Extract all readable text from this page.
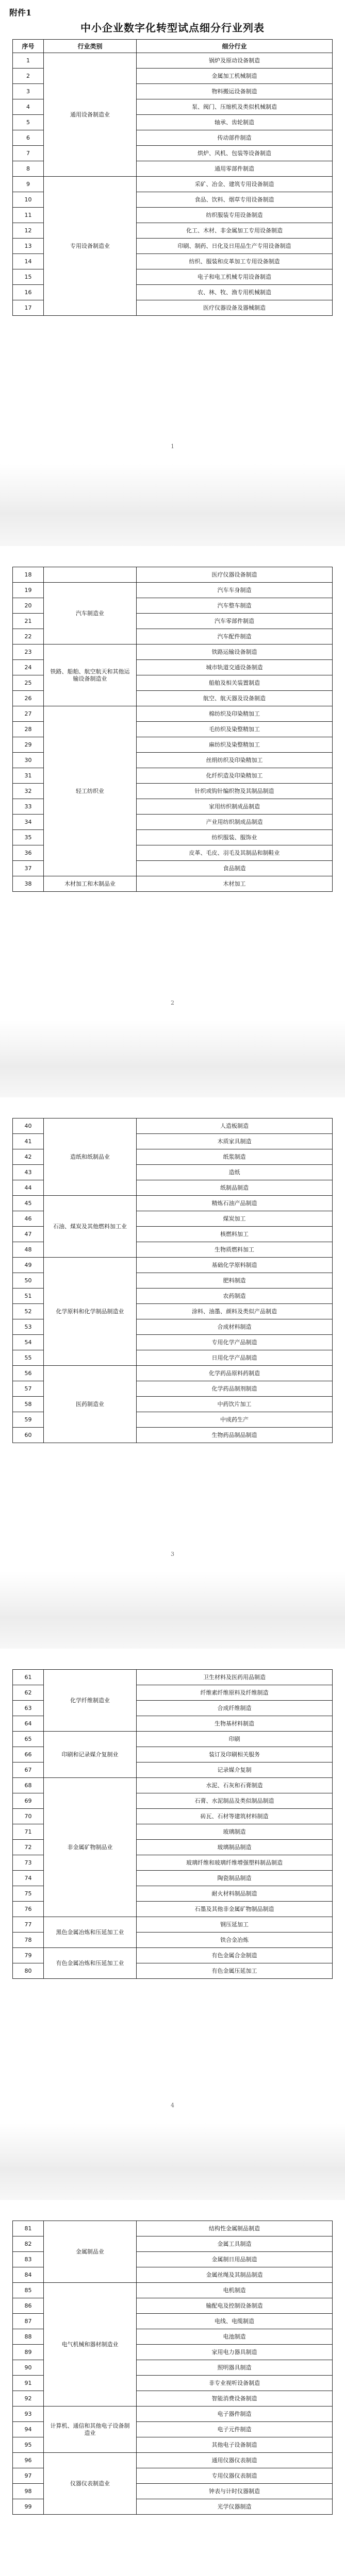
附件1
中小企业数字化转型试点细分行业列表
序号	行业类别	细分行业
1	通用设备制造业	锅炉及原动设备制造
2		金属加工机械制造
3		物料搬运设备制造
4		泵、阀门、压缩机及类似机械制造
5		轴承、齿轮制造
6		传动部件制造
7		烘炉、风机、包装等设备制造
8		通用零部件制造
9	专用设备制造业	采矿、冶金、建筑专用设备制造
10		食品、饮料、烟草专用设备制造
11		纺织服装专用设备制造
12		化工、木材、非金属加工专用设备制造
13		印刷、制药、日化及日用品生产专用设备制造
14		纺织、服装和皮革加工专用设备制造
15		电子和电工机械专用设备制造
16		农、林、牧、渔专用机械制造
17		医疗仪器设备及器械制造
1
18		医疗仪器设备制造
19	汽车制造业	汽车车身制造
20		汽车整车制造
21		汽车零部件制造
22		汽车配件制造
23	铁路、船舶、航空航天和其他运输设备制造业	铁路运输设备制造
24		城市轨道交通设备制造
25		船舶及相关装置制造
26		航空、航天器及设备制造
27	轻工纺织业	棉纺织及印染精加工
28		毛纺织及染整精加工
29		麻纺织及染整精加工
30		丝绢纺织及印染精加工
31		化纤织造及印染精加工
32		针织或钩针编织物及其制品制造
33		家用纺织制成品制造
34		产业用纺织制成品制造
35		纺织服装、服饰业
36		皮革、毛皮、羽毛及其制品和制鞋业
37		食品制造
38	木材加工和木制品业	木材加工
2
40	造纸和纸制品业	人造板制造
41		木质家具制造
42		纸浆制造
43		造纸
44		纸制品制造
45	石油、煤炭及其他燃料加工业	精炼石油产品制造
46		煤炭加工
47		核燃料加工
48		生物质燃料加工
49	化学原料和化学制品制造业	基础化学原料制造
50		肥料制造
51		农药制造
52		涂料、油墨、颜料及类似产品制造
53		合成材料制造
54		专用化学产品制造
55		日用化学产品制造
56	医药制造业	化学药品原料药制造
57		化学药品制剂制造
58		中药饮片加工
59		中成药生产
60		生物药品制品制造
3
61	化学纤维制造业	卫生材料及医药用品制造
62		纤维素纤维原料及纤维制造
63		合成纤维制造
64		生物基材料制造
65	印刷和记录媒介复制业	印刷
66		装订及印刷相关服务
67		记录媒介复制
68	非金属矿物制品业	水泥、石灰和石膏制造
69		石膏、水泥制品及类似制品制造
70		砖瓦、石材等建筑材料制造
71		玻璃制造
72		玻璃制品制造
73		玻璃纤维和玻璃纤维增强塑料制品制造
74		陶瓷制品制造
75		耐火材料制品制造
76		石墨及其他非金属矿物制品制造
77	黑色金属冶炼和压延加工业	钢压延加工
78		铁合金冶炼
79	有色金属冶炼和压延加工业	有色金属合金制造
80		有色金属压延加工
4
81	金属制品业	结构性金属制品制造
82		金属工具制造
83		金属制日用品制造
84		金属丝绳及其制品制造
85	电气机械和器材制造业	电机制造
86		输配电及控制设备制造
87		电线、电缆制造
88		电池制造
89		家用电力器具制造
90		照明器具制造
91		非专业视听设备制造
92		智能消费设备制造
93	计算机、通信和其他电子设备制造业	电子器件制造
94		电子元件制造
95		其他电子设备制造
96	仪器仪表制造业	通用仪器仪表制造
97		专用仪器仪表制造
98		钟表与计时仪器制造
99		光学仪器制造
